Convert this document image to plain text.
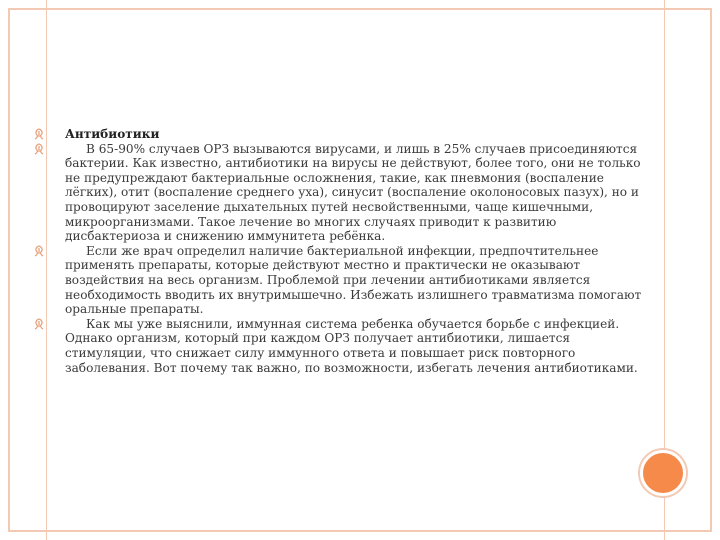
Антибиотики

В 65-90% случаев ОРЗ вызываются вирусами, и лишь в 25% случаев присоединяются бактерии. Как известно, антибиотики на вирусы не действуют, более того, они не только не предупреждают бактериальные осложнения, такие, как пневмония (воспаление лёгких), отит (воспаление среднего уха), синусит (воспаление околоносовых пазух), но и провоцируют заселение дыхательных путей несвойственными, чаще кишечными, микроорганизмами. Такое лечение во многих случаях приводит к развитию дисбактериоза и снижению иммунитета ребёнка.

Если же врач определил наличие бактериальной инфекции, предпочтительнее применять препараты, которые действуют местно и практически не оказывают воздействия на весь организм. Проблемой при лечении антибиотиками является необходимость вводить их внутримышечно. Избежать излишнего травматизма помогают оральные препараты.

Как мы уже выяснили, иммунная система ребенка обучается борьбе с инфекцией. Однако организм, который при каждом ОРЗ получает антибиотики, лишается стимуляции, что снижает силу иммунного ответа и повышает риск повторного заболевания. Вот почему так важно, по возможности, избегать лечения антибиотиками.
